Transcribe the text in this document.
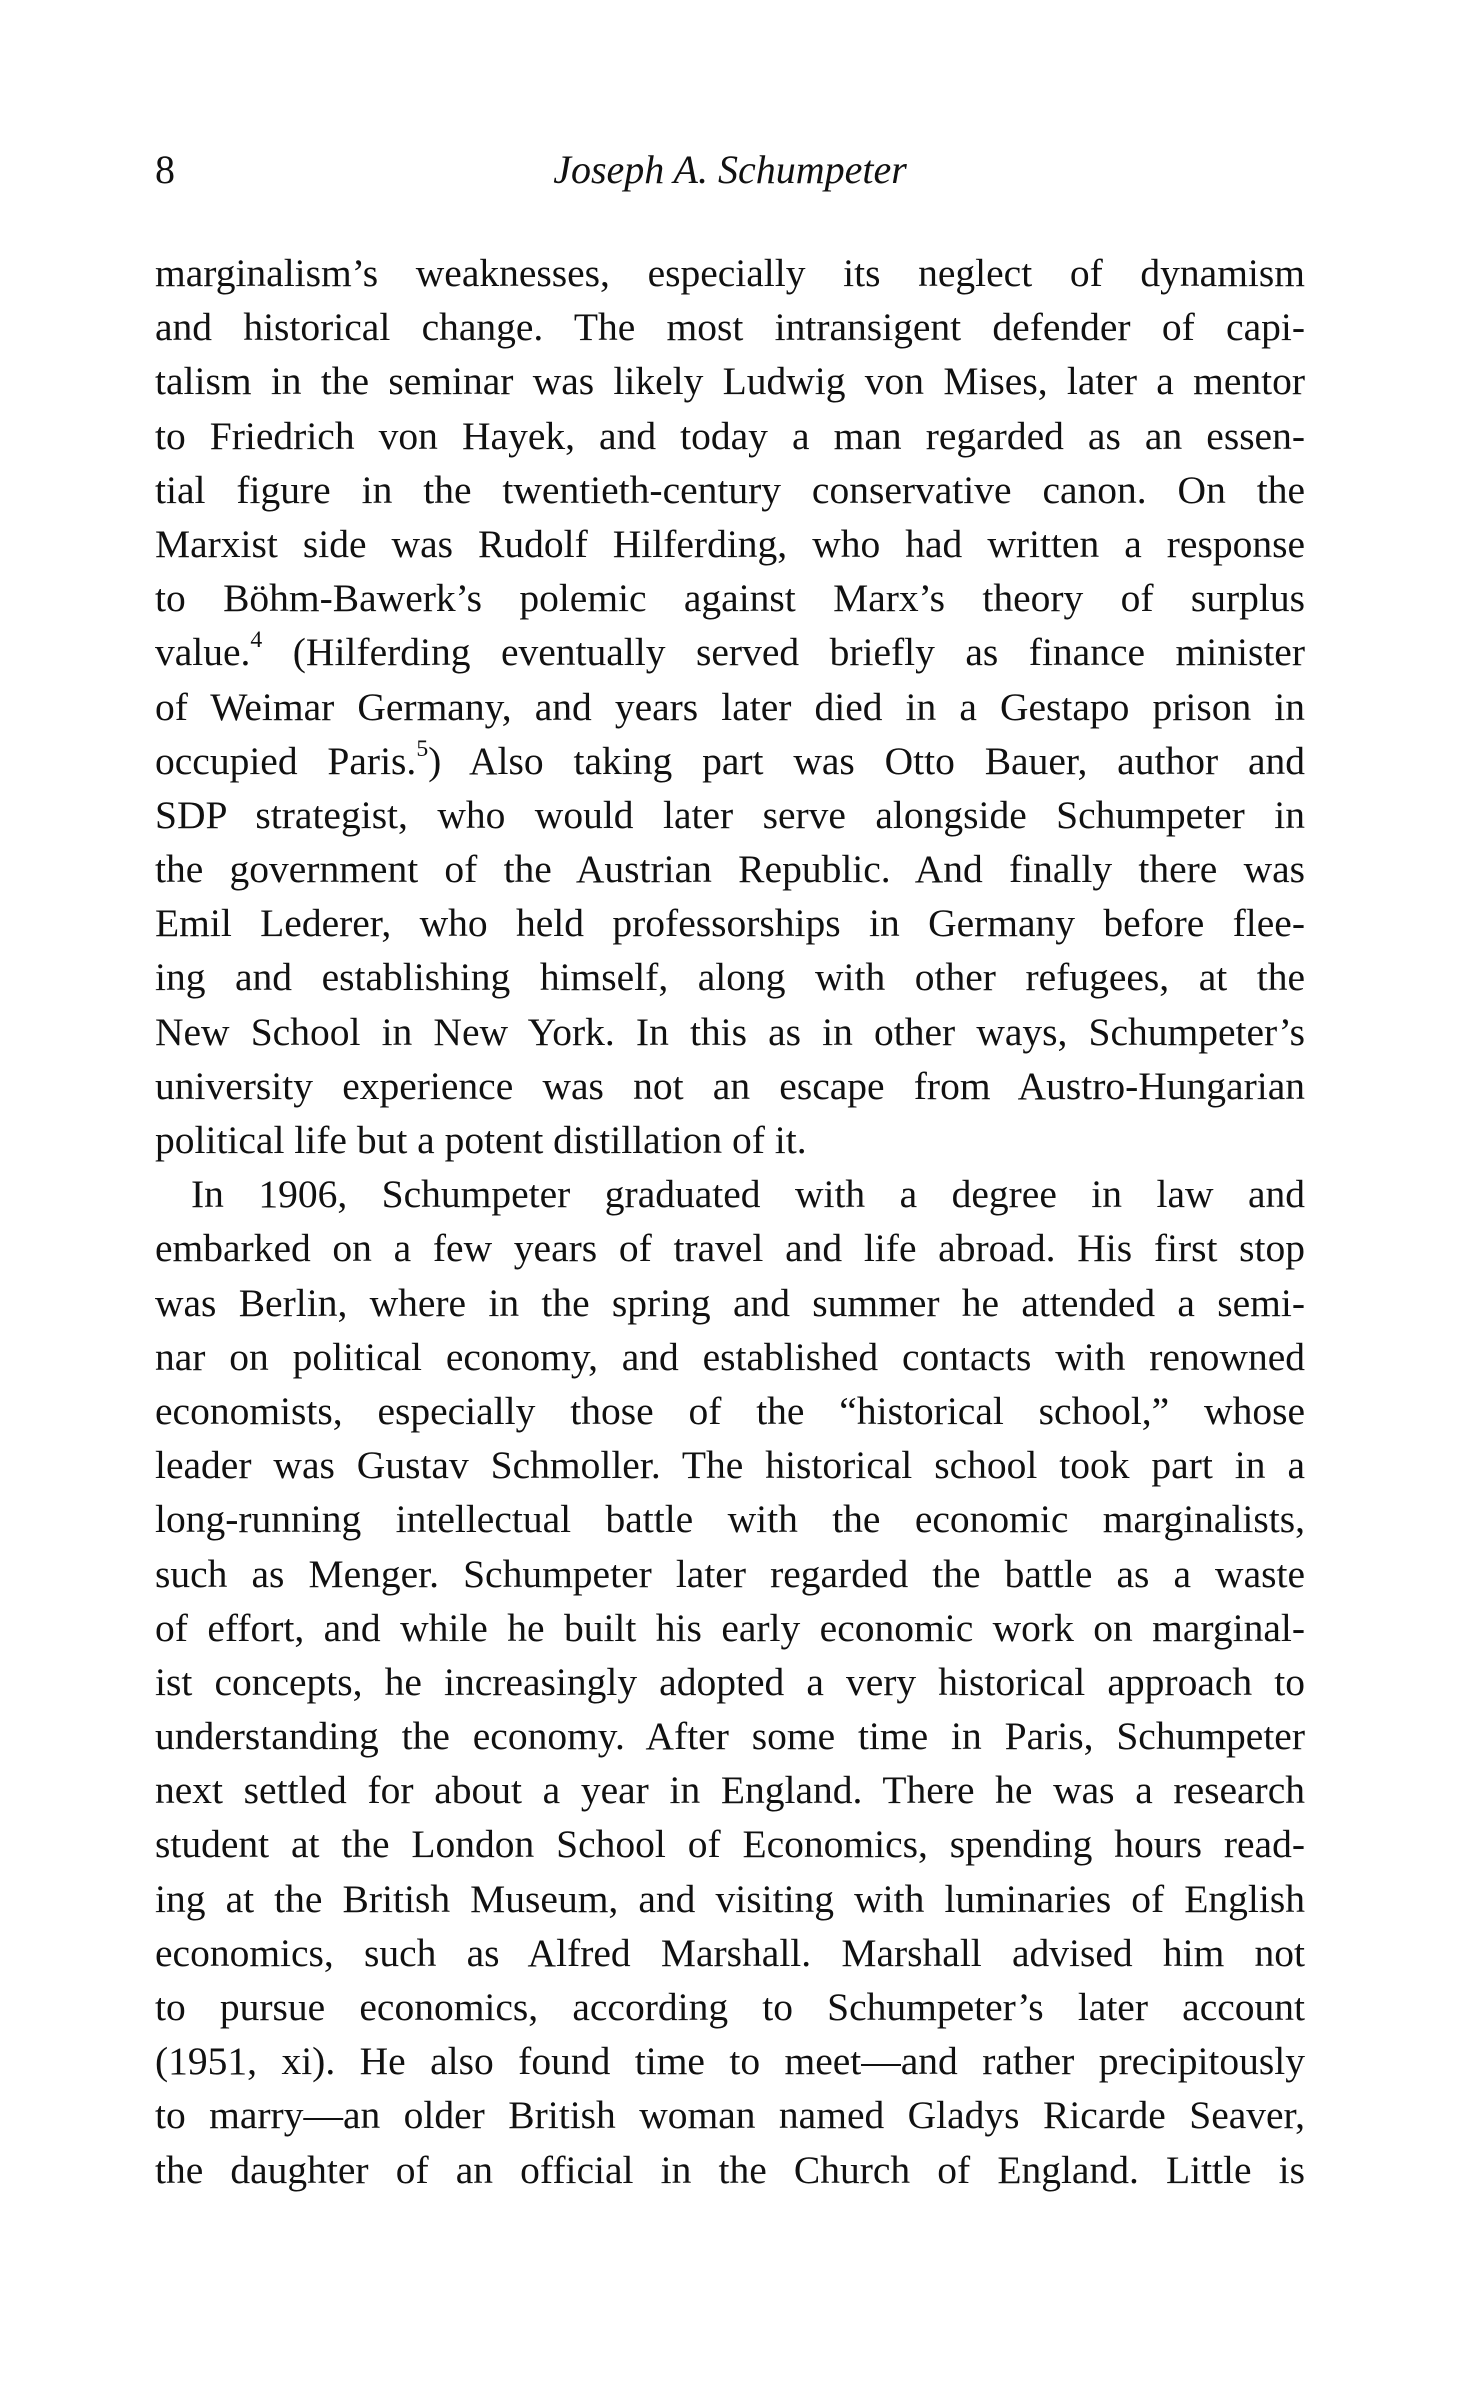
8	Joseph A. Schumpeter
marginalism’s weaknesses, especially its neglect of dynamism
and historical change. The most intransigent defender of capi-
talism in the seminar was likely Ludwig von Mises, later a mentor
to Friedrich von Hayek, and today a man regarded as an essen-
tial figure in the twentieth-century conservative canon. On the
Marxist side was Rudolf Hilferding, who had written a response
to Böhm-Bawerk’s polemic against Marx’s theory of surplus
value.$^4$ (Hilferding eventually served briefly as finance minister
of Weimar Germany, and years later died in a Gestapo prison in
occupied Paris.$^5$) Also taking part was Otto Bauer, author and
SDP strategist, who would later serve alongside Schumpeter in
the government of the Austrian Republic. And finally there was
Emil Lederer, who held professorships in Germany before flee-
ing and establishing himself, along with other refugees, at the
New School in New York. In this as in other ways, Schumpeter’s
university experience was not an escape from Austro-Hungarian
political life but a potent distillation of it.
In 1906, Schumpeter graduated with a degree in law and
embarked on a few years of travel and life abroad. His first stop
was Berlin, where in the spring and summer he attended a semi-
nar on political economy, and established contacts with renowned
economists, especially those of the “historical school,” whose
leader was Gustav Schmoller. The historical school took part in a
long-running intellectual battle with the economic marginalists,
such as Menger. Schumpeter later regarded the battle as a waste
of effort, and while he built his early economic work on marginal-
ist concepts, he increasingly adopted a very historical approach to
understanding the economy. After some time in Paris, Schumpeter
next settled for about a year in England. There he was a research
student at the London School of Economics, spending hours read-
ing at the British Museum, and visiting with luminaries of English
economics, such as Alfred Marshall. Marshall advised him not
to pursue economics, according to Schumpeter’s later account
(1951, xi). He also found time to meet—and rather precipitously
to marry—an older British woman named Gladys Ricarde Seaver,
the daughter of an official in the Church of England. Little is
